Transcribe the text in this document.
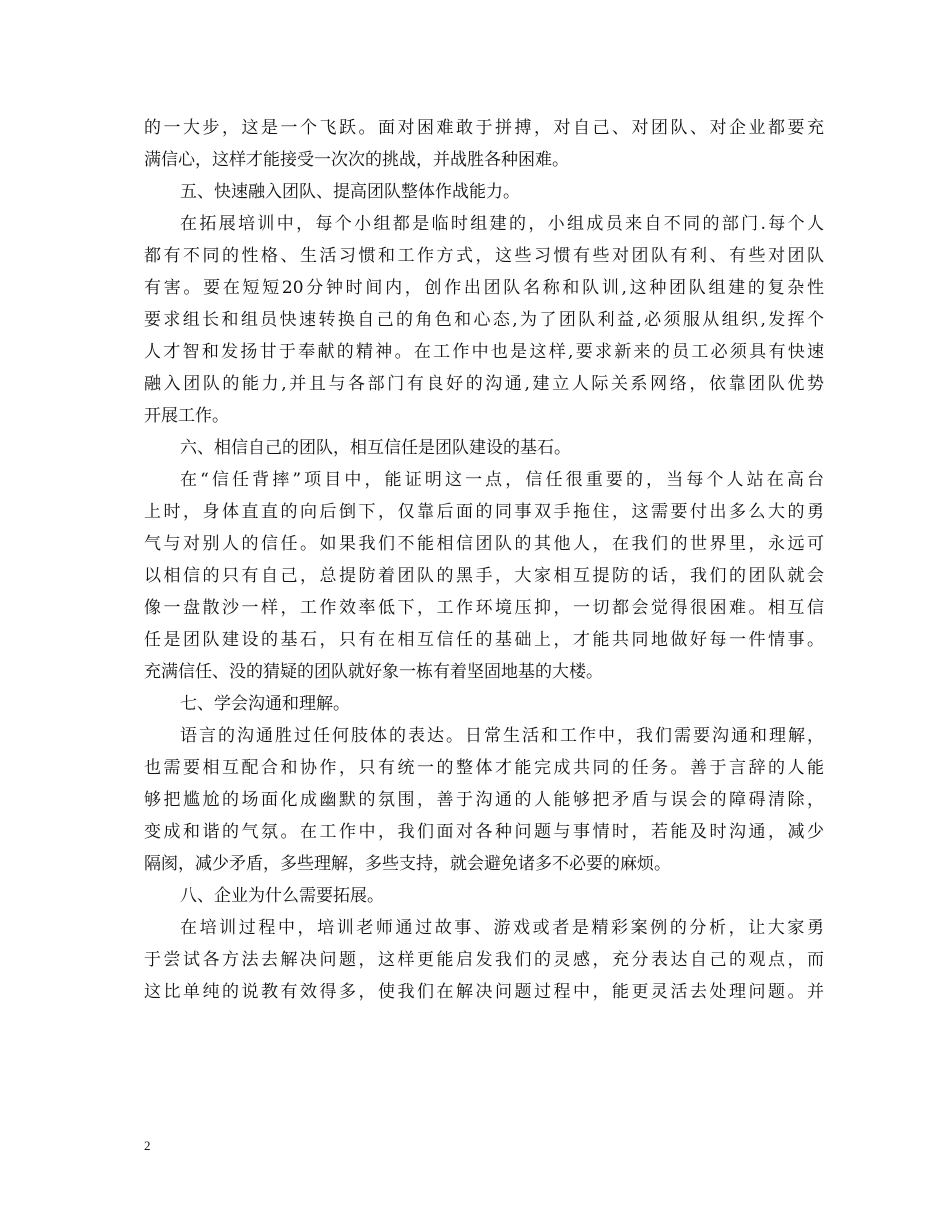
的一大步，这是一个飞跃。面对困难敢于拼搏，对自己、对团队、对企业都要充
满信心，这样才能接受一次次的挑战，并战胜各种困难。
五、快速融入团队、提高团队整体作战能力。
在拓展培训中，每个小组都是临时组建的，小组成员来自不同的部门.每个人
都有不同的性格、生活习惯和工作方式，这些习惯有些对团队有利、有些对团队
有害。要在短短20分钟时间内，创作出团队名称和队训,这种团队组建的复杂性
要求组长和组员快速转换自己的角色和心态,为了团队利益,必须服从组织,发挥个
人才智和发扬甘于奉献的精神。在工作中也是这样,要求新来的员工必须具有快速
融入团队的能力,并且与各部门有良好的沟通,建立人际关系网络，依靠团队优势
开展工作。
六、相信自己的团队，相互信任是团队建设的基石。
在“信任背摔”项目中，能证明这一点，信任很重要的，当每个人站在高台
上时，身体直直的向后倒下，仅靠后面的同事双手拖住，这需要付出多么大的勇
气与对别人的信任。如果我们不能相信团队的其他人，在我们的世界里，永远可
以相信的只有自己，总提防着团队的黑手，大家相互提防的话，我们的团队就会
像一盘散沙一样，工作效率低下，工作环境压抑，一切都会觉得很困难。相互信
任是团队建设的基石，只有在相互信任的基础上，才能共同地做好每一件情事。
充满信任、没的猜疑的团队就好象一栋有着坚固地基的大楼。
七、学会沟通和理解。
语言的沟通胜过任何肢体的表达。日常生活和工作中，我们需要沟通和理解，
也需要相互配合和协作，只有统一的整体才能完成共同的任务。善于言辞的人能
够把尴尬的场面化成幽默的氛围，善于沟通的人能够把矛盾与误会的障碍清除，
变成和谐的气氛。在工作中，我们面对各种问题与事情时，若能及时沟通，减少
隔阂，减少矛盾，多些理解，多些支持，就会避免诸多不必要的麻烦。
八、企业为什么需要拓展。
在培训过程中，培训老师通过故事、游戏或者是精彩案例的分析，让大家勇
于尝试各方法去解决问题，这样更能启发我们的灵感，充分表达自己的观点，而
这比单纯的说教有效得多，使我们在解决问题过程中，能更灵活去处理问题。并
2
